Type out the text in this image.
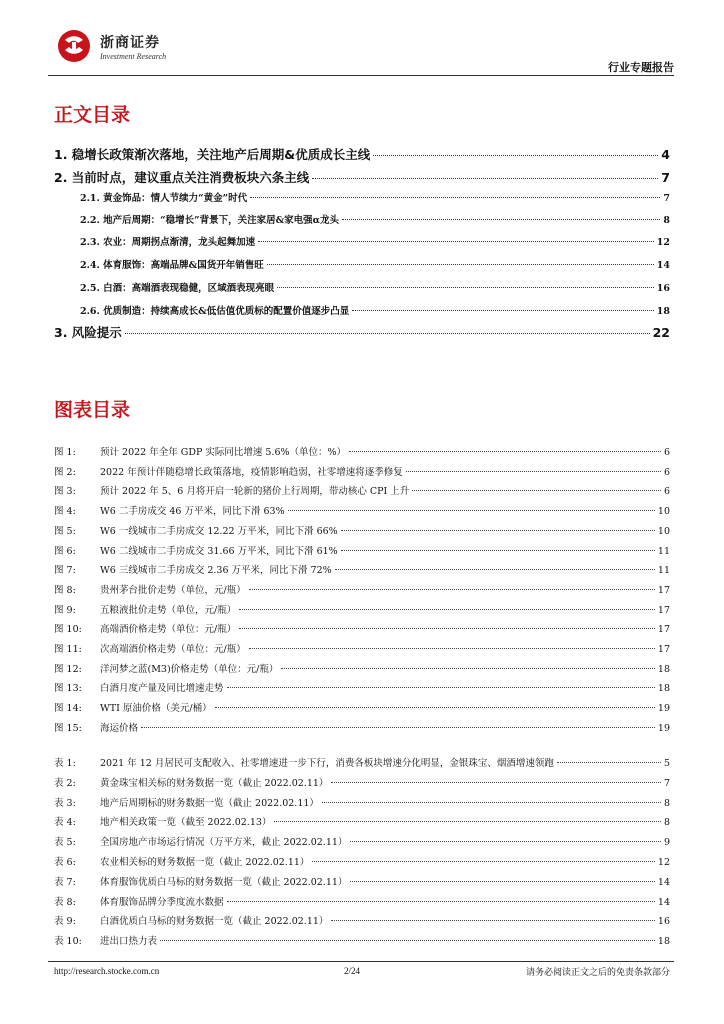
浙商证券
Investment Research
行业专题报告
正文目录
1. 稳增长政策渐次落地，关注地产后周期&优质成长主线	4
2. 当前时点，建议重点关注消费板块六条主线	7
2.1. 黄金饰品：情人节续力“黄金”时代	7
2.2. 地产后周期：“稳增长”背景下，关注家居&家电强α龙头	8
2.3. 农业：周期拐点渐清，龙头起舞加速	12
2.4. 体育服饰：高端品牌&国货开年销售旺	14
2.5. 白酒：高端酒表现稳健，区域酒表现亮眼	16
2.6. 优质制造：持续高成长&低估值优质标的配置价值逐步凸显	18
3. 风险提示	22
图表目录
图 1:	预计 2022 年全年 GDP 实际同比增速 5.6%（单位：%）	6
图 2:	2022 年预计伴随稳增长政策落地，疫情影响趋弱，社零增速将逐季修复	6
图 3:	预计 2022 年 5、6 月将开启一轮新的猪价上行周期，带动核心 CPI 上升	6
图 4:	W6 二手房成交 46 万平米，同比下滑 63%	10
图 5:	W6 一线城市二手房成交 12.22 万平米，同比下滑 66%	10
图 6:	W6 二线城市二手房成交 31.66 万平米，同比下滑 61%	11
图 7:	W6 三线城市二手房成交 2.36 万平米，同比下滑 72%	11
图 8:	贵州茅台批价走势（单位，元/瓶）	17
图 9:	五粮液批价走势（单位，元/瓶）	17
图 10:	高端酒价格走势（单位：元/瓶）	17
图 11:	次高端酒价格走势（单位：元/瓶）	17
图 12:	洋河梦之蓝(M3)价格走势（单位：元/瓶）	18
图 13:	白酒月度产量及同比增速走势	18
图 14:	WTI 原油价格（美元/桶）	19
图 15:	海运价格	19
表 1:	2021 年 12 月居民可支配收入、社零增速进一步下行，消费各板块增速分化明显，金银珠宝、烟酒增速领跑	5
表 2:	黄金珠宝相关标的财务数据一览（截止 2022.02.11）	7
表 3:	地产后周期标的财务数据一览（截止 2022.02.11）	8
表 4:	地产相关政策一览（截至 2022.02.13）	8
表 5:	全国房地产市场运行情况（万平方米，截止 2022.02.11）	9
表 6:	农业相关标的财务数据一览（截止 2022.02.11）	12
表 7:	体育服饰优质白马标的财务数据一览（截止 2022.02.11）	14
表 8:	体育服饰品牌分季度流水数据	14
表 9:	白酒优质白马标的财务数据一览（截止 2022.02.11）	16
表 10:	进出口热力表	18
http://research.stocke.com.cn	2/24	请务必阅读正文之后的免责条款部分
